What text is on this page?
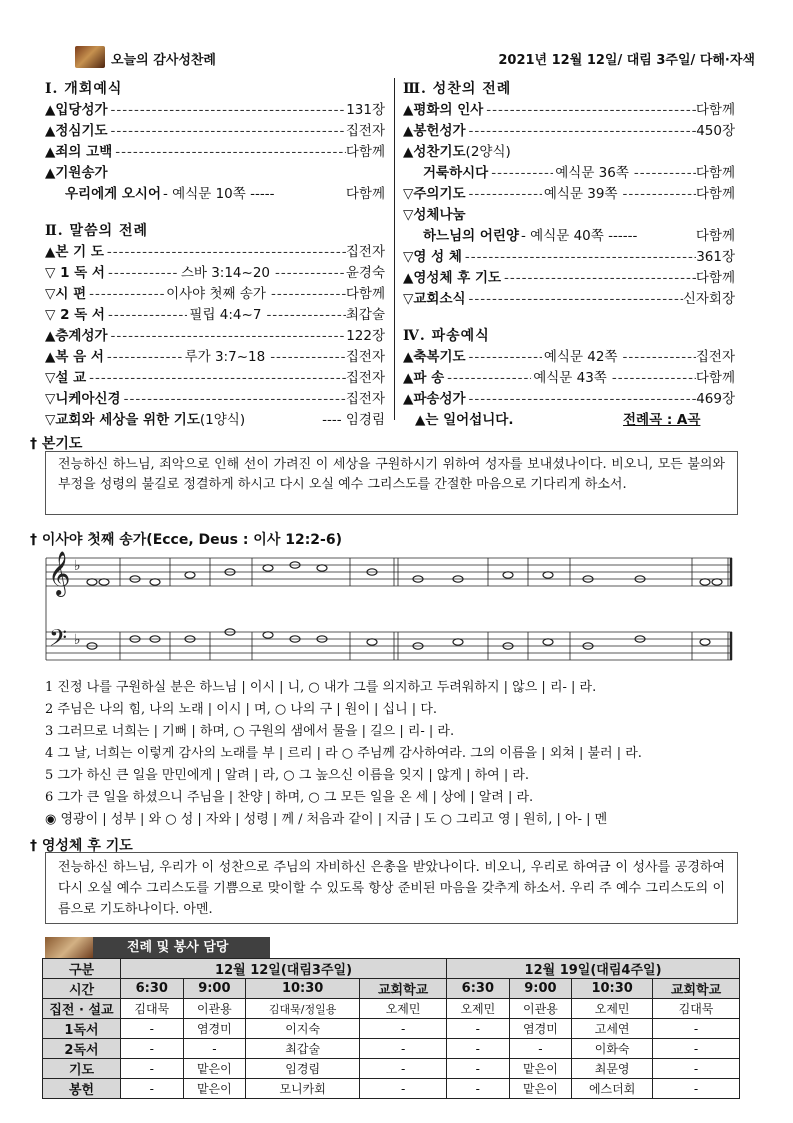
오늘의 감사성찬례	2021년 12월 12일/ 대림 3주일/ 다해·자색
Ⅰ. 개회예식
▲입당성가 -----	131장
▲정심기도 -----	집전자
▲죄의 고백 -----	다함께
▲기원송가
우리에게 오시어 - 예식문 10쪽 -----	다함께
Ⅱ. 말씀의 전례
▲본 기 도 -----	집전자
▽ 1 독 서 -----	스바 3:14~20 -----	윤경숙
▽시 편 -----	이사야 첫째 송가 -----	다함께
▽ 2 독 서 -----	필립 4:4~7 -----	최갑술
▲층계성가 -----	122장
▲복 음 서 -----	루가 3:7~18 -----	집전자
▽설 교 -----	집전자
▽니케아신경 -----	집전자
▽교회와 세상을 위한 기도 (1양식)	---- 임경림
Ⅲ. 성찬의 전례
▲평화의 인사 -----	다함께
▲봉헌성가 -----	450장
▲성찬기도 (2양식)
거룩하시다 -----	예식문 36쪽 -----	다함께
▽주의기도 -----	예식문 39쪽 -----	다함께
▽성체나눔
하느님의 어린양 - 예식문 40쪽 ------	다함께
▽영 성 체 -----	361장
▲영성체 후 기도 -----	다함께
▽교회소식 -----	신자회장
Ⅳ. 파송예식
▲축복기도 -----	예식문 42쪽 -----	집전자
▲파 송 -----	예식문 43쪽 -----	다함께
▲파송성가 -----	469장
▲는 일어섭니다.	전례곡 : A곡
† 본기도
전능하신 하느님, 죄악으로 인해 선이 가려진 이 세상을 구원하시기 위하여 성자를 보내셨나이다. 비오니, 모든 불의와 부정을 성령의 불길로 정결하게 하시고 다시 오실 예수 그리스도를 간절한 마음으로 기다리게 하소서.
† 이사야 첫째 송가(Ecce, Deus : 이사 12:2-6)
𝄞
𝄢
♭
♭
1 진정 나를 구원하실 분은 하느님 | 이시 | 니, ○ 내가 그를 의지하고 두려워하지 | 않으 | 리- | 라.
2 주님은 나의 힘, 나의 노래 | 이시 | 며, ○ 나의 구 | 원이 | 십니 | 다.
3 그러므로 너희는 | 기뻐 | 하며, ○ 구원의 샘에서 물을 | 길으 | 리- | 라.
4 그 날, 너희는 이렇게 감사의 노래를 부 | 르리 | 라 ○ 주님께 감사하여라. 그의 이름을 | 외쳐 | 불러 | 라.
5 그가 하신 큰 일을 만민에게 | 알려 | 라, ○ 그 높으신 이름을 잊지 | 않게 | 하여 | 라.
6 그가 큰 일을 하셨으니 주님을 | 찬양 | 하며, ○ 그 모든 일을 온 세 | 상에 | 알려 | 라.
◉ 영광이 | 성부 | 와 ○ 성 | 자와 | 성령 | 께 / 처음과 같이 | 지금 | 도 ○ 그리고 영 | 원히, | 아- | 멘
† 영성체 후 기도
전능하신 하느님, 우리가 이 성찬으로 주님의 자비하신 은총을 받았나이다. 비오니, 우리로 하여금 이 성사를 공경하여 다시 오실 예수 그리스도를 기쁨으로 맞이할 수 있도록 항상 준비된 마음을 갖추게 하소서. 우리 주 예수 그리스도의 이름으로 기도하나이다. 아멘.
전례 및 봉사 담당
구분	12월 12일(대림3주일)				12월 19일(대림4주일)			
시간	6:30	9:00	10:30	교회학교	6:30	9:00	10:30	교회학교
집전 · 설교	김대묵	이관용	김대묵/정일용	오제민	오제민	이관용	오제민	김대묵
1독서	-	염경미	이지숙	-	-	염경미	고세연	-
2독서	-	-	최갑술	-	-	-	이화숙	-
기도	-	맡은이	임경림	-	-	맡은이	최문영	-
봉헌	-	맡은이	모니카회	-	-	맡은이	에스더회	-
